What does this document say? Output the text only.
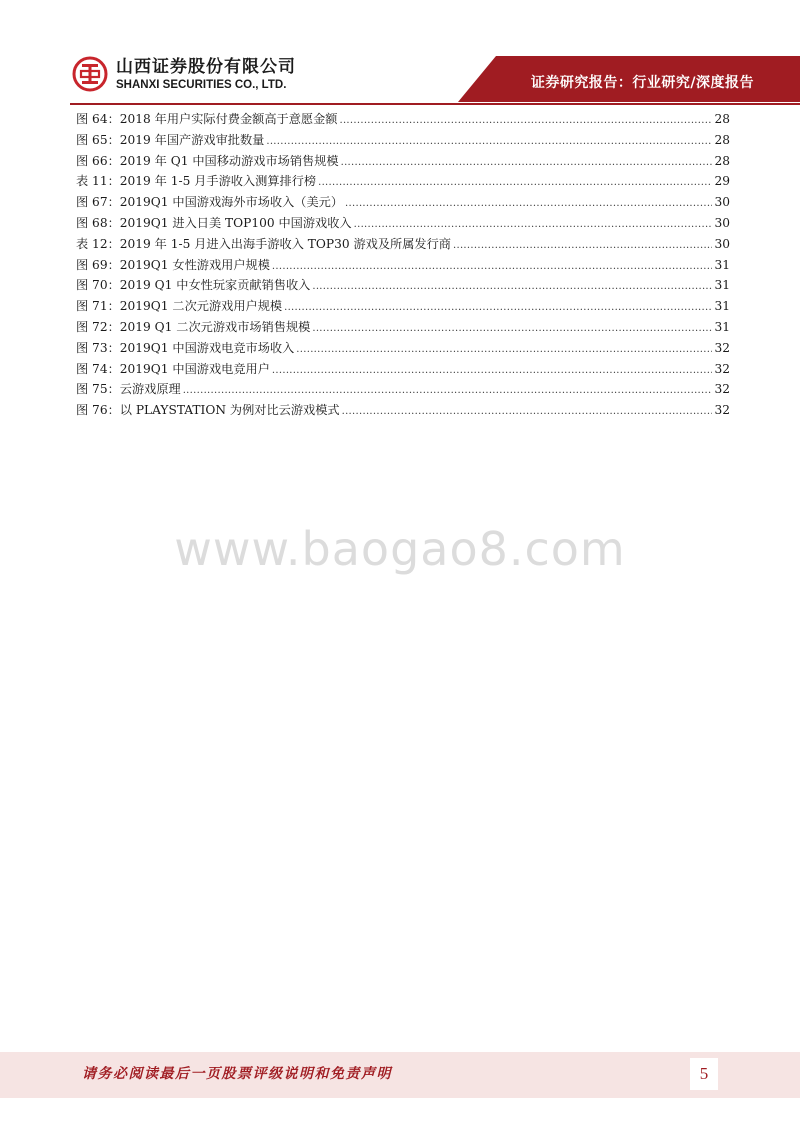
山西证券股份有限公司
SHANXI SECURITIES CO., LTD.	证券研究报告：行业研究/深度报告
图 64： 2018 年用户实际付费金额高于意愿金额 .....	28
图 65： 2019 年国产游戏审批数量 .....	28
图 66： 2019 年 Q1 中国移动游戏市场销售规模 .....	28
表 11： 2019 年 1-5 月手游收入测算排行榜 .....	29
图 67： 2019Q1 中国游戏海外市场收入（美元） .....	30
图 68： 2019Q1 进入日美 TOP100 中国游戏收入 .....	30
表 12： 2019 年 1-5 月进入出海手游收入 TOP30 游戏及所属发行商 .....	30
图 69： 2019Q1 女性游戏用户规模 .....	31
图 70： 2019 Q1 中女性玩家贡献销售收入 .....	31
图 71： 2019Q1 二次元游戏用户规模 .....	31
图 72： 2019 Q1 二次元游戏市场销售规模 .....	31
图 73： 2019Q1 中国游戏电竞市场收入 .....	32
图 74： 2019Q1 中国游戏电竞用户 .....	32
图 75： 云游戏原理 .....	32
图 76： 以 PLAYSTATION 为例对比云游戏模式 .....	32
www.baogao8.com
请务必阅读最后一页股票评级说明和免责声明	5
